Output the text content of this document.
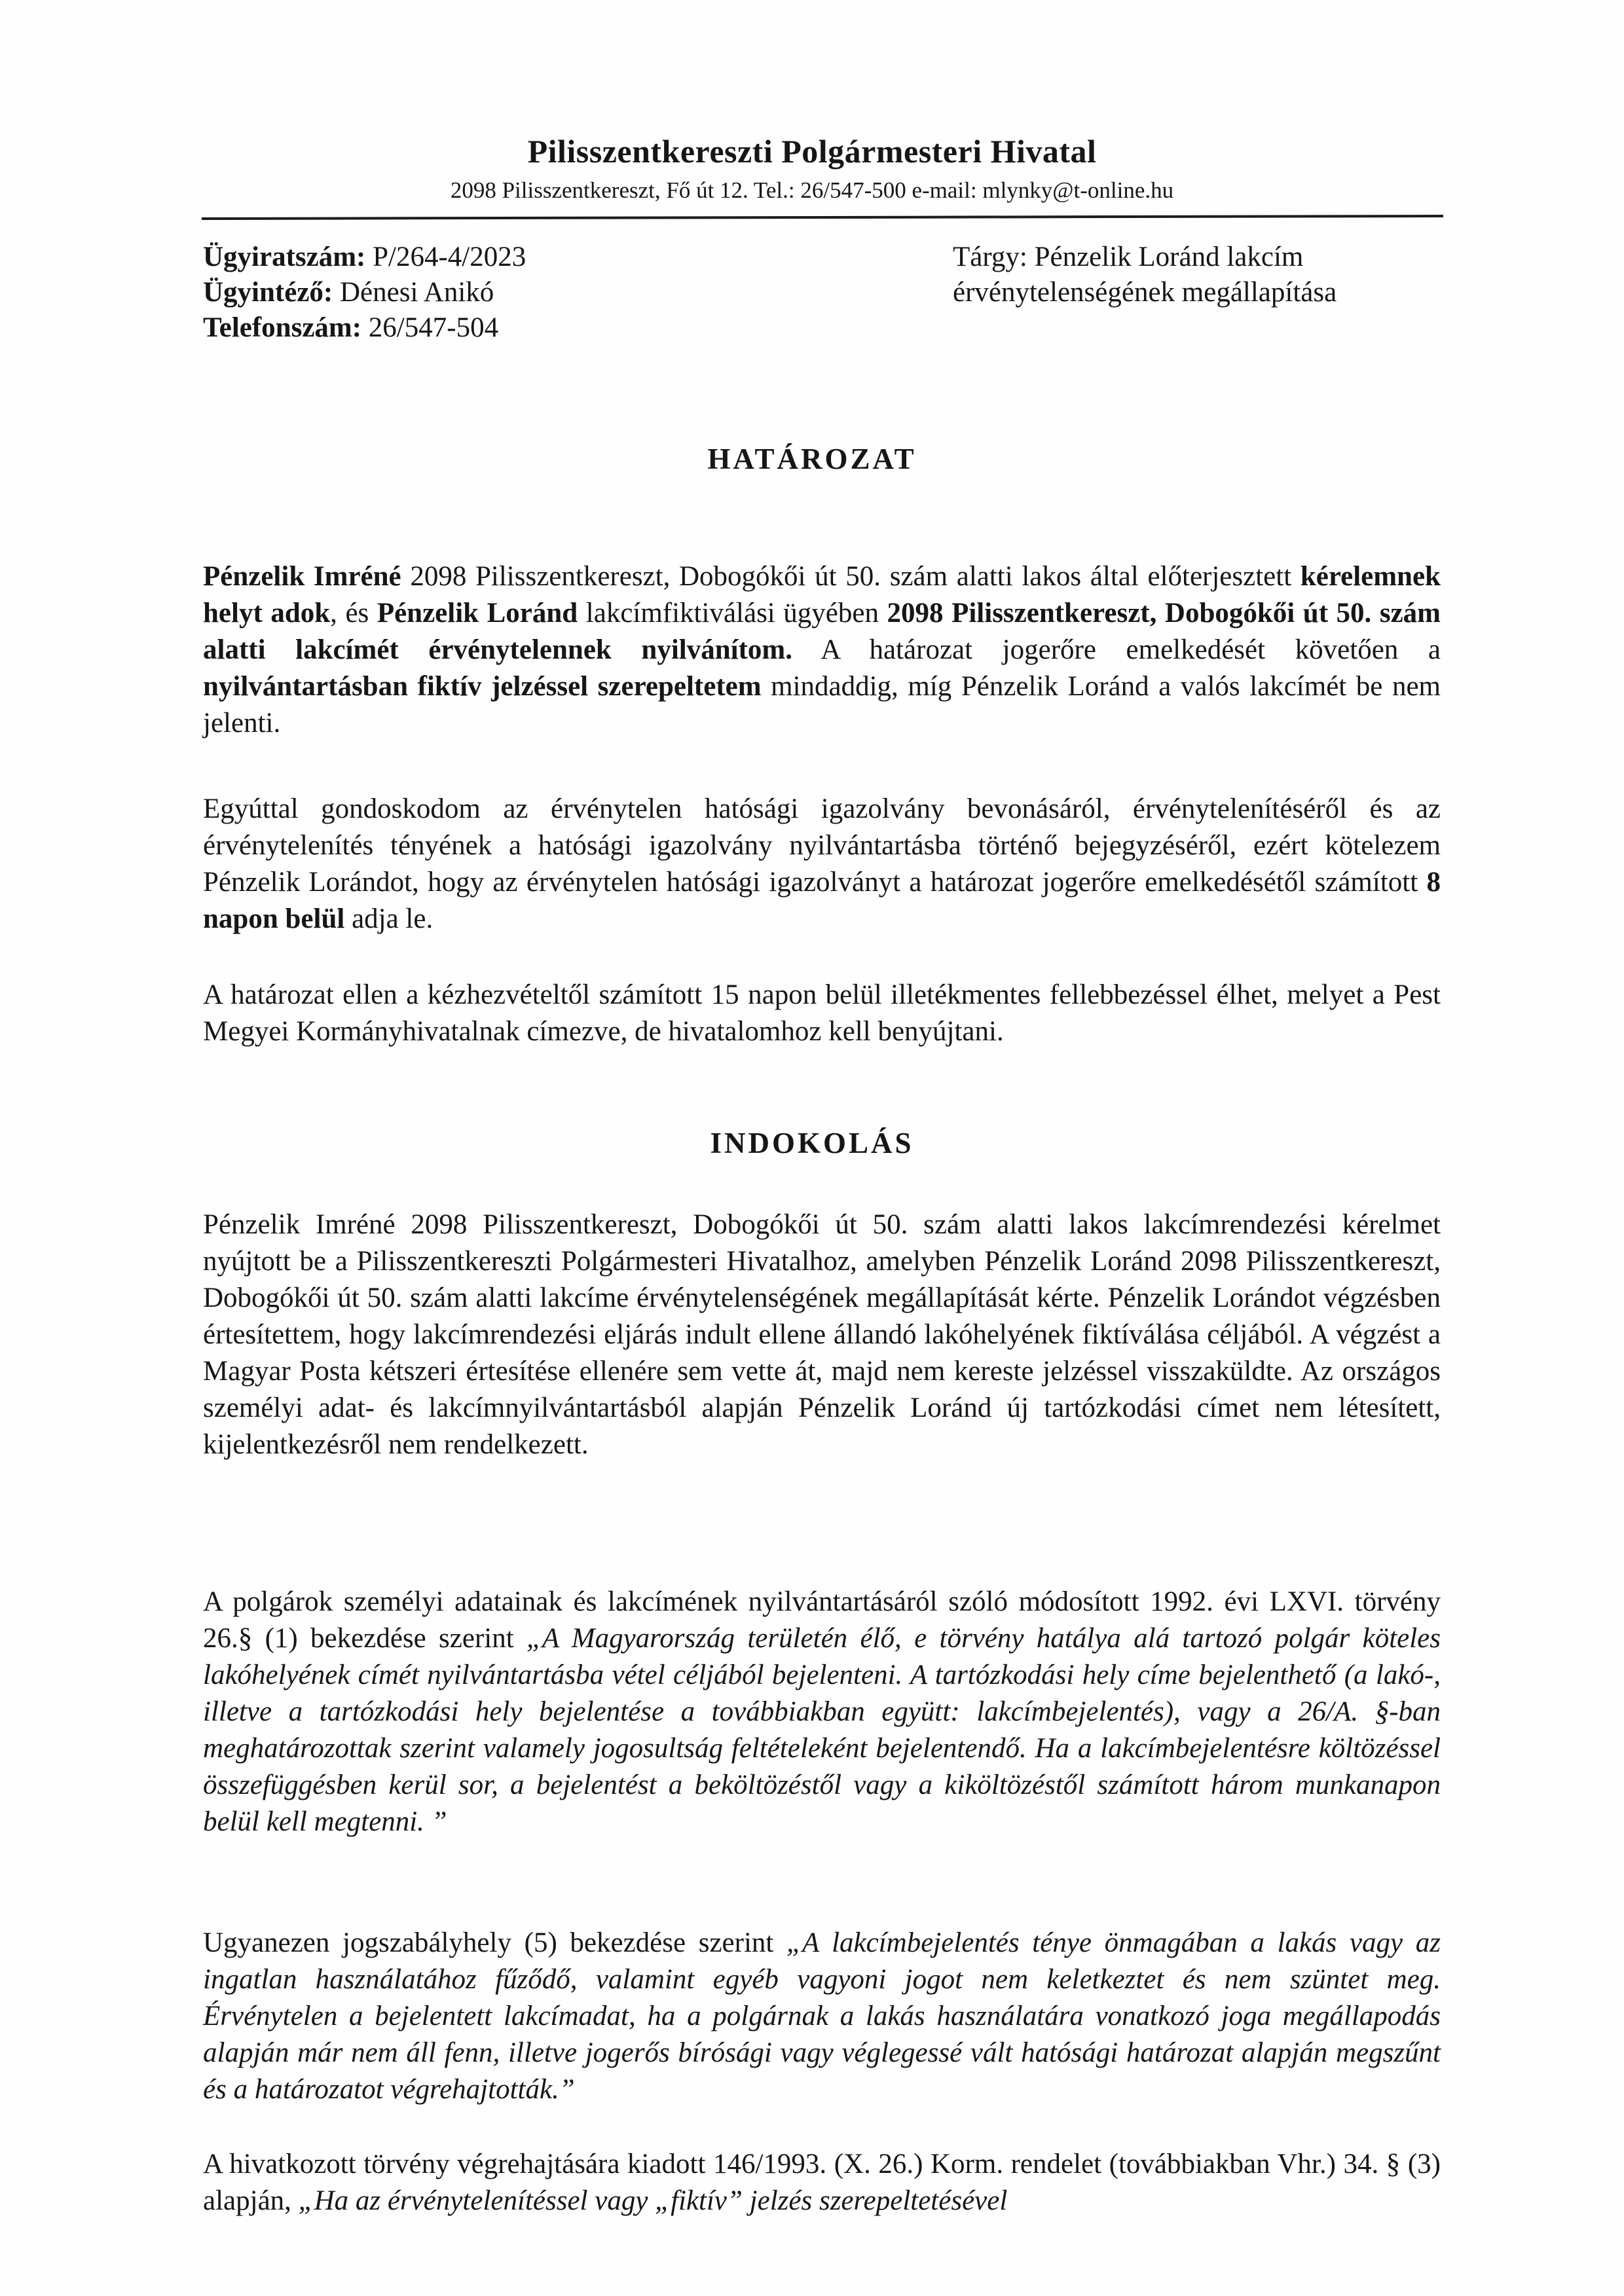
Pilisszentkereszti Polgármesteri Hivatal
2098 Pilisszentkereszt, Fő út 12. Tel.: 26/547-500 e-mail: mlynky@t-online.hu
Ügyiratszám: P/264-4/2023
Ügyintéző: Dénesi Anikó
Telefonszám: 26/547-504
Tárgy: Pénzelik Loránd lakcím
érvénytelenségének megállapítása
HATÁROZAT

Pénzelik Imréné 2098 Pilisszentkereszt, Dobogókői út 50. szám alatti lakos által előterjesztett kérelemnek helyt adok, és Pénzelik Loránd lakcímfiktiválási ügyében 2098 Pilisszentkereszt, Dobogókői út 50. szám alatti lakcímét érvénytelennek nyilvánítom. A határozat jogerőre emelkedését követően a nyilvántartásban fiktív jelzéssel szerepeltetem mindaddig, míg Pénzelik Loránd a valós lakcímét be nem jelenti.

Egyúttal gondoskodom az érvénytelen hatósági igazolvány bevonásáról, érvénytelenítéséről és az érvénytelenítés tényének a hatósági igazolvány nyilvántartásba történő bejegyzéséről, ezért kötelezem Pénzelik Lorándot, hogy az érvénytelen hatósági igazolványt a határozat jogerőre emelkedésétől számított 8 napon belül adja le.

A határozat ellen a kézhezvételtől számított 15 napon belül illetékmentes fellebbezéssel élhet, melyet a Pest Megyei Kormányhivatalnak címezve, de hivatalomhoz kell benyújtani.

INDOKOLÁS

Pénzelik Imréné 2098 Pilisszentkereszt, Dobogókői út 50. szám alatti lakos lakcímrendezési kérelmet nyújtott be a Pilisszentkereszti Polgármesteri Hivatalhoz, amelyben Pénzelik Loránd 2098 Pilisszentkereszt, Dobogókői út 50. szám alatti lakcíme érvénytelenségének megállapítását kérte. Pénzelik Lorándot végzésben értesítettem, hogy lakcímrendezési eljárás indult ellene állandó lakóhelyének fiktíválása céljából. A végzést a Magyar Posta kétszeri értesítése ellenére sem vette át, majd nem kereste jelzéssel visszaküldte. Az országos személyi adat- és lakcímnyilvántartásból alapján Pénzelik Loránd új tartózkodási címet nem létesített, kijelentkezésről nem rendelkezett.

A polgárok személyi adatainak és lakcímének nyilvántartásáról szóló módosított 1992. évi LXVI. törvény 26.§ (1) bekezdése szerint „A Magyarország területén élő, e törvény hatálya alá tartozó polgár köteles lakóhelyének címét nyilvántartásba vétel céljából bejelenteni. A tartózkodási hely címe bejelenthető (a lakó-, illetve a tartózkodási hely bejelentése a továbbiakban együtt: lakcímbejelentés), vagy a 26/A. §-ban meghatározottak szerint valamely jogosultság feltételeként bejelentendő. Ha a lakcímbejelentésre költözéssel összefüggésben kerül sor, a bejelentést a beköltözéstől vagy a kiköltözéstől számított három munkanapon belül kell megtenni. ”

Ugyanezen jogszabályhely (5) bekezdése szerint „A lakcímbejelentés ténye önmagában a lakás vagy az ingatlan használatához fűződő, valamint egyéb vagyoni jogot nem keletkeztet és nem szüntet meg. Érvénytelen a bejelentett lakcímadat, ha a polgárnak a lakás használatára vonatkozó joga megállapodás alapján már nem áll fenn, illetve jogerős bírósági vagy véglegessé vált hatósági határozat alapján megszűnt és a határozatot végrehajtották.”

A hivatkozott törvény végrehajtására kiadott 146/1993. (X. 26.) Korm. rendelet (továbbiakban Vhr.) 34. § (3) alapján, „Ha az érvénytelenítéssel vagy „fiktív” jelzés szerepeltetésével
